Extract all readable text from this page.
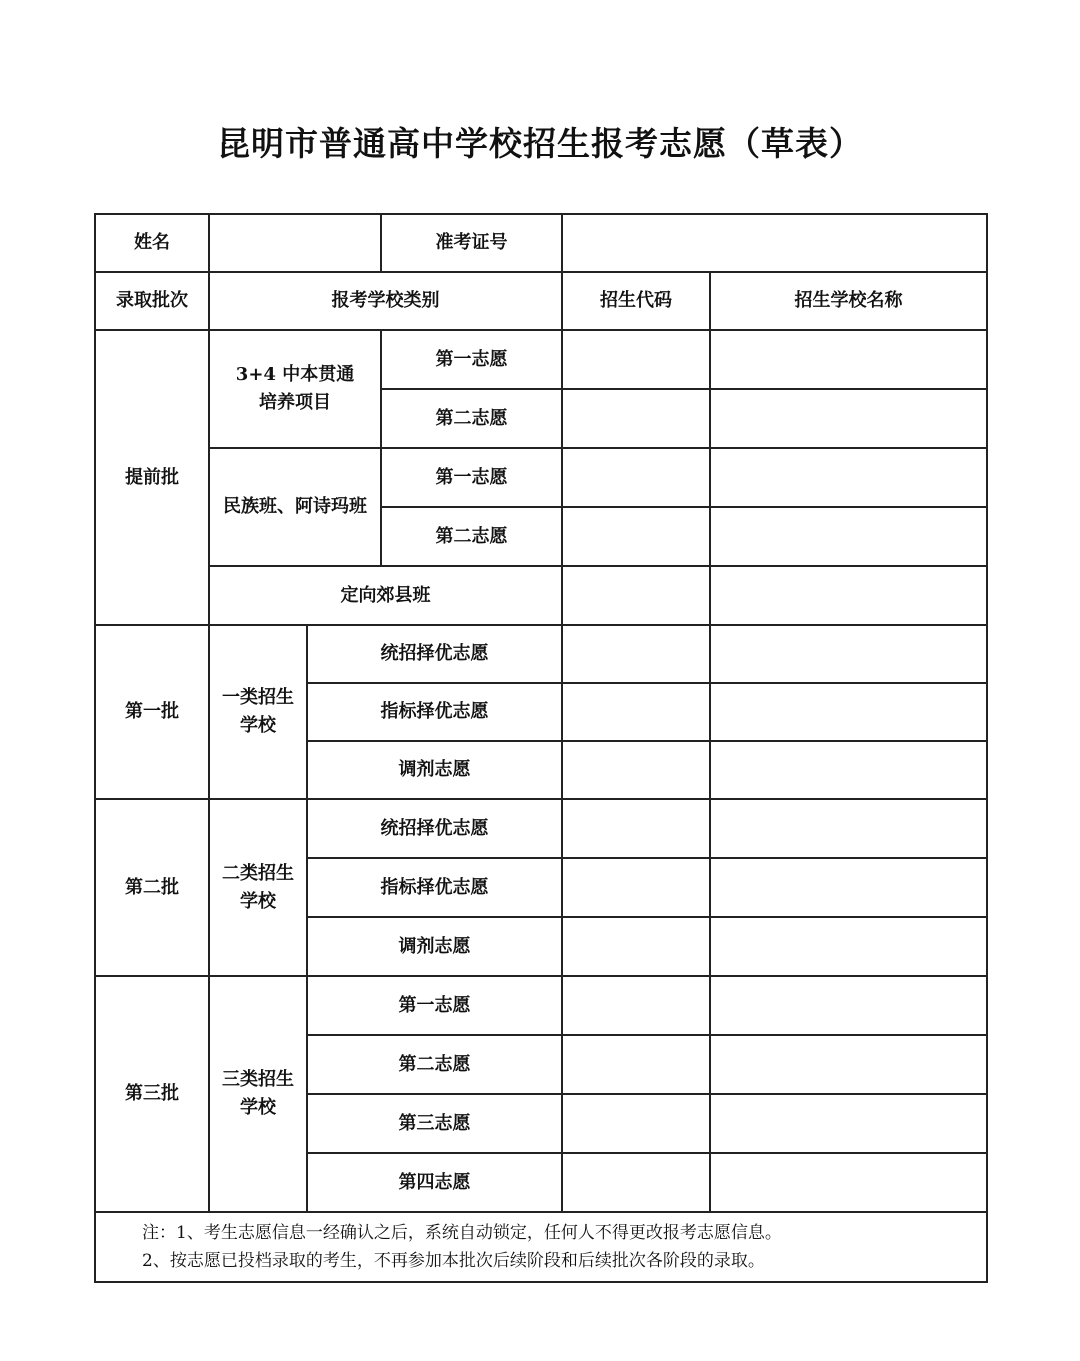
昆明市普通高中学校招生报考志愿（草表）
姓名			准考证号		
录取批次	报考学校类别			招生代码	招生学校名称
提前批	3+4 中本贯通培养项目		第一志愿		
			第二志愿		
	民族班、阿诗玛班		第一志愿		
			第二志愿		
	定向郊县班				
第一批	一类招生学校	统招择优志愿			
		指标择优志愿			
		调剂志愿			
第二批	二类招生学校	统招择优志愿			
		指标择优志愿			
		调剂志愿			
第三批	三类招生学校	第一志愿			
		第二志愿			
		第三志愿			
		第四志愿			

注：1、考生志愿信息一经确认之后，系统自动锁定，任何人不得更改报考志愿信息。
2、按志愿已投档录取的考生，不再参加本批次后续阶段和后续批次各阶段的录取。					
